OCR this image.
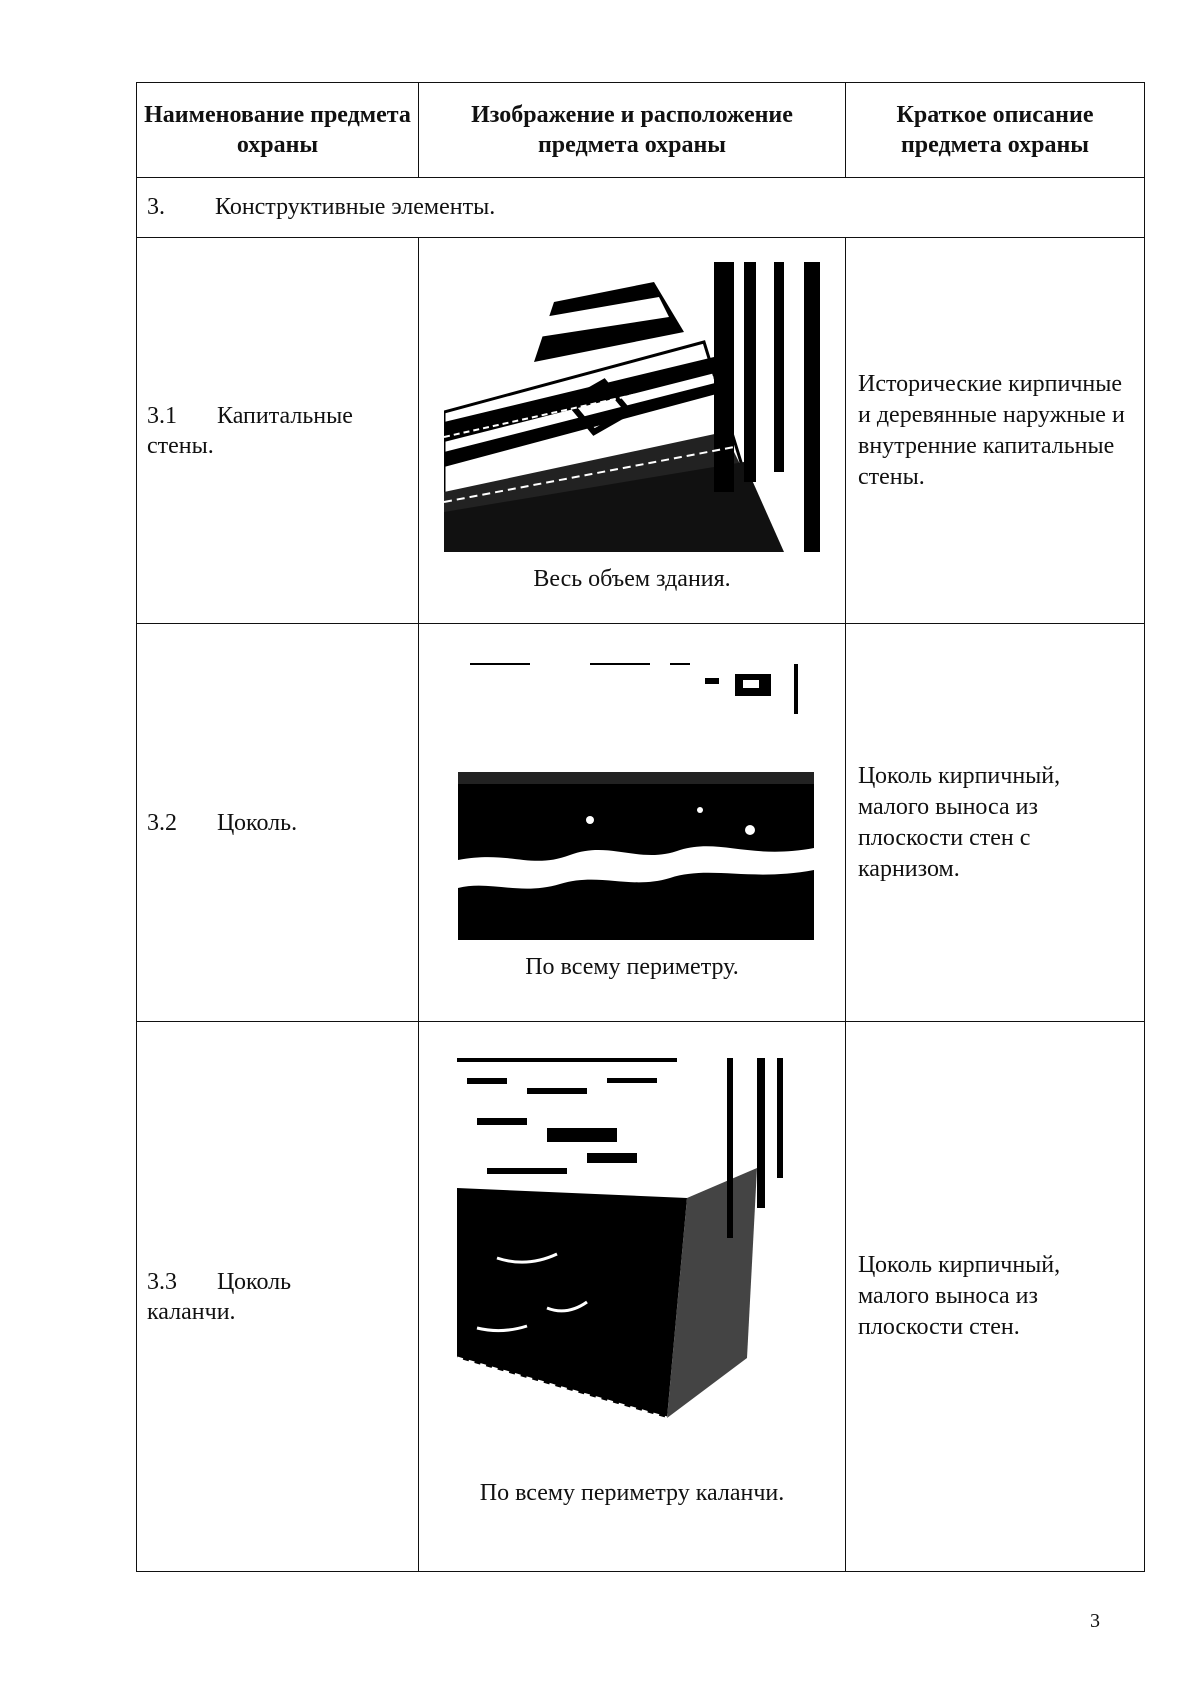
Наименование предмета охраны	Изображение и расположение предмета охраны	Краткое описание предмета охраны
3. Конструктивные элементы.		

3.1 Капитальные
стены.	Весь объем здания.	Исторические кирпичные и деревянные наружные и внутренние капитальные стены.

3.2 Цоколь.	По всему периметру.	Цоколь кирпичный, малого выноса из плоскости стен с карнизом.

3.3 Цоколь
каланчи.	По всему периметру каланчи.	Цоколь кирпичный, малого выноса из плоскости стен.
3
